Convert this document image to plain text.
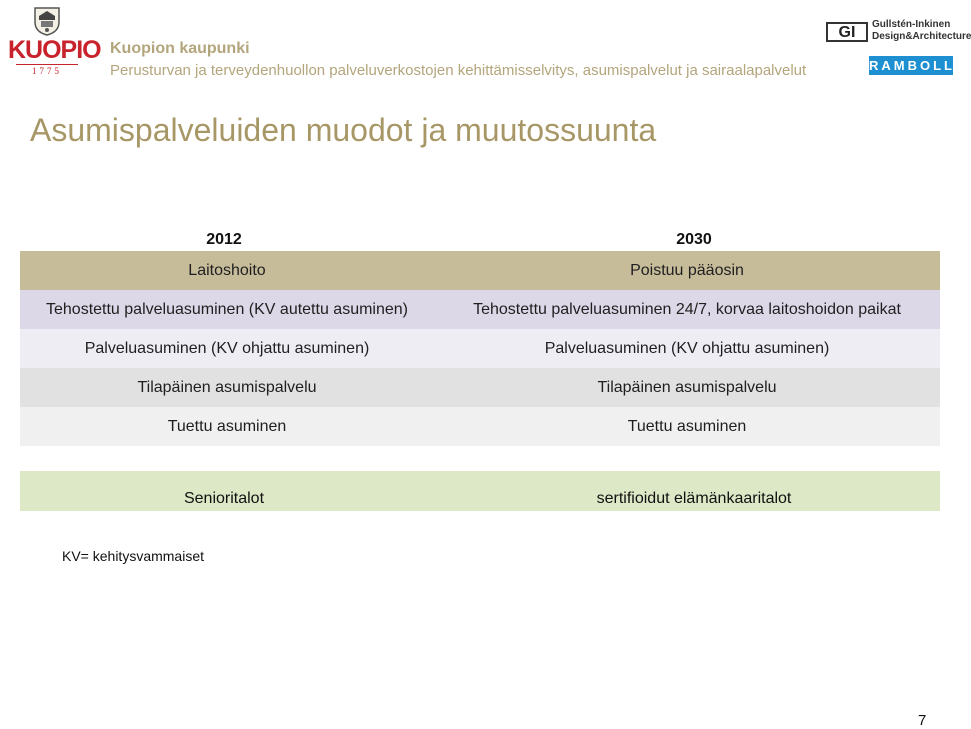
KUOPIO
1775
Kuopion kaupunki
Perusturvan ja terveydenhuollon palveluverkostojen kehittämisselvitys, asumispalvelut ja sairaalapalvelut
GI	Gullstén-Inkinen
Design&Architecture
RAMBOLL
Asumispalveluiden muodot ja muutossuunta
2012	2030
Laitoshoito	Poistuu pääosin
Tehostettu palveluasuminen (KV autettu asuminen)	Tehostettu palveluasuminen 24/7, korvaa laitoshoidon paikat
Palveluasuminen (KV ohjattu asuminen)	Palveluasuminen (KV ohjattu asuminen)
Tilapäinen asumispalvelu	Tilapäinen asumispalvelu
Tuettu asuminen	Tuettu asuminen
Senioritalot	sertifioidut elämänkaaritalot
KV= kehitysvammaiset
7
